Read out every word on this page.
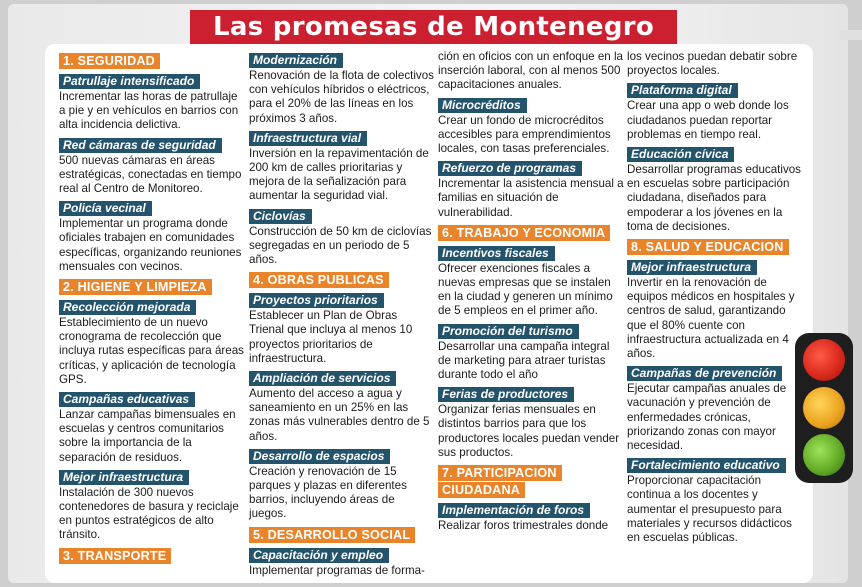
Las promesas de Montenegro
1. SEGURIDAD
Patrullaje intensificado
Incrementar las horas de patrullaje a pie y en vehículos en barrios con alta incidencia delictiva.
Red cámaras de seguridad
500 nuevas cámaras en áreas estratégicas, conectadas en tiempo real al Centro de Monitoreo.
Policía vecinal
Implementar un programa donde oficiales trabajen en comunidades específicas, organizando reuniones mensuales con vecinos.
2. HIGIENE Y LIMPIEZA
Recolección mejorada
Establecimiento de un nuevo cronograma de recolección que incluya rutas específicas para áreas críticas, y aplicación de tecnología GPS.
Campañas educativas
Lanzar campañas bimensuales en escuelas y centros comunitarios sobre la importancia de la separación de residuos.
Mejor infraestructura
Instalación de 300 nuevos contenedores de basura y reciclaje en puntos estratégicos de alto tránsito.
3. TRANSPORTE
Modernización
Renovación de la flota de colectivos con vehículos híbridos o eléctricos, para el 20% de las líneas en los próximos 3 años.
Infraestructura vial
Inversión en la repavimentación de 200 km de calles prioritarias y mejora de la señalización para aumentar la seguridad vial.
Ciclovías
Construcción de 50 km de ciclovías segregadas en un periodo de 5 años.
4. OBRAS PUBLICAS
Proyectos prioritarios
Establecer un Plan de Obras Trienal que incluya al menos 10 proyectos prioritarios de infraestructura.
Ampliación de servicios
Aumento del acceso a agua y saneamiento en un 25% en las zonas más vulnerables dentro de 5 años.
Desarrollo de espacios
Creación y renovación de 15 parques y plazas en diferentes barrios, incluyendo áreas de juegos.
5. DESARROLLO SOCIAL
Capacitación y empleo
Implementar programas de forma-
ción en oficios con un enfoque en la inserción laboral, con al menos 500 capacitaciones anuales.
Microcréditos
Crear un fondo de microcréditos accesibles para emprendimientos locales, con tasas preferenciales.
Refuerzo de programas
Incrementar la asistencia mensual a familias en situación de vulnerabilidad.
6. TRABAJO Y ECONOMIA
Incentivos fiscales
Ofrecer exenciones fiscales a nuevas empresas que se instalen en la ciudad y generen un mínimo de 5 empleos en el primer año.
Promoción del turismo
Desarrollar una campaña integral de marketing para atraer turistas durante todo el año
Ferias de productores
Organizar ferias mensuales en distintos barrios para que los productores locales puedan vender sus productos.
7. PARTICIPACION
CIUDADANA
Implementación de foros
Realizar foros trimestrales donde
los vecinos puedan debatir sobre proyectos locales.
Plataforma digital
Crear una app o web donde los ciudadanos puedan reportar problemas en tiempo real.
Educación cívica
Desarrollar programas educativos en escuelas sobre participación ciudadana, diseñados para empoderar a los jóvenes en la toma de decisiones.
8. SALUD Y EDUCACION
Mejor infraestructura
Invertir en la renovación de equipos médicos en hospitales y centros de salud, garantizando que el 80% cuente con infraestructura actualizada en 4 años.
Campañas de prevención
Ejecutar campañas anuales de vacunación y prevención de enfermedades crónicas, priorizando zonas con mayor necesidad.
Fortalecimiento educativo
Proporcionar capacitación continua a los docentes y aumentar el presupuesto para materiales y recursos didácticos en escuelas públicas.
